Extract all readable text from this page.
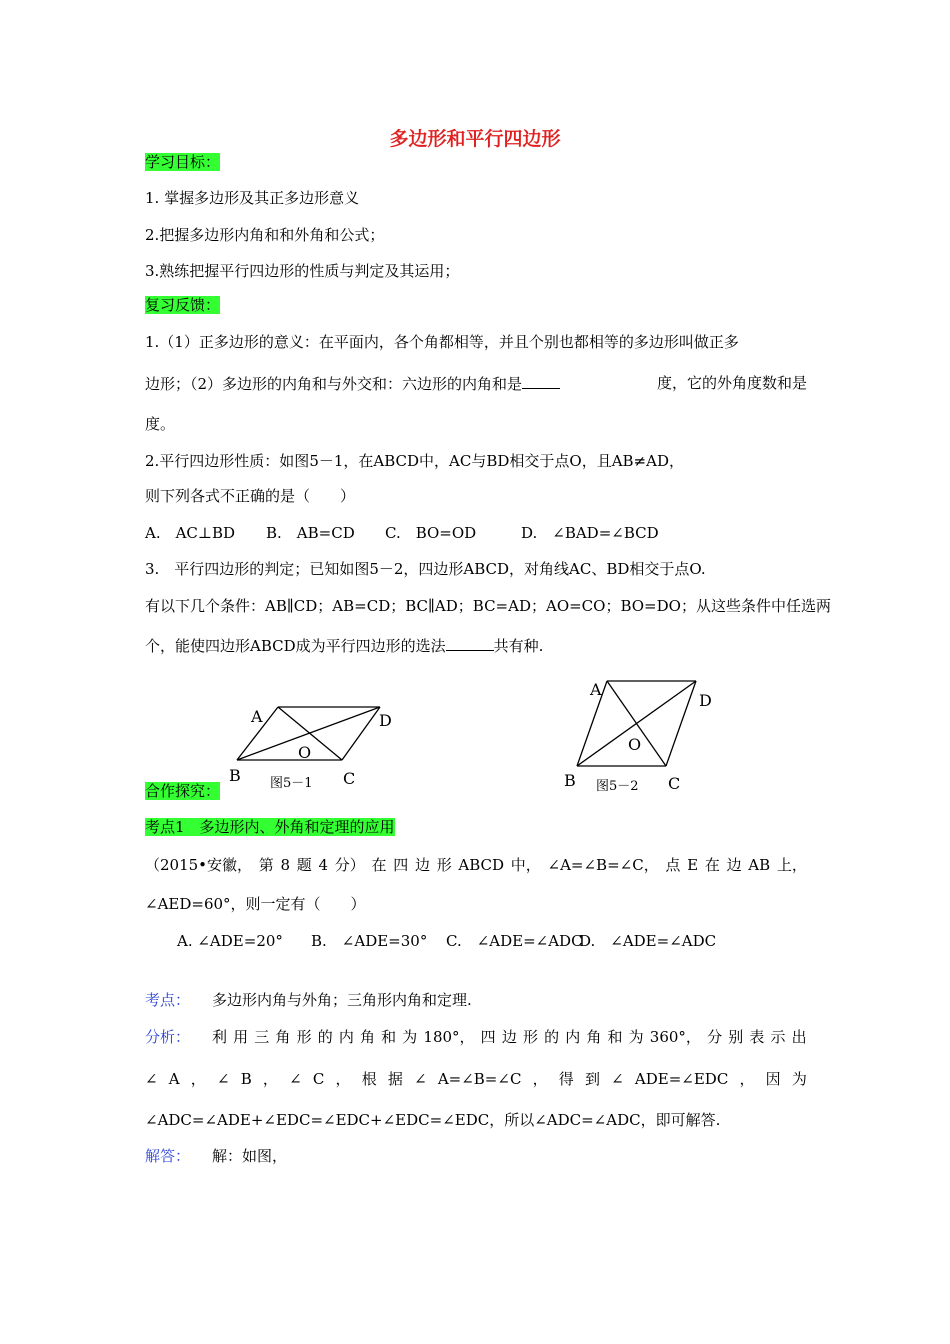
多边形和平行四边形
学习目标：
1. 掌握多边形及其正多边形意义
2.把握多边形内角和和外角和公式；
3.熟练把握平行四边形的性质与判定及其运用；
复习反馈：
1.（1）正多边形的意义：在平面内，各个角都相等，并且个别也都相等的多边形叫做正多
边形；（2）多边形的内角和与外交和：六边形的内角和是	度，它的外角度数和是
度。
2.平行四边形性质：如图5－1，在ABCD中，AC与BD相交于点O，且AB≠AD，
则下列各式不正确的是（　　）
A.　AC⊥BD B.　AB=CD C.　BO=OD	D.　∠BAD=∠BCD
3.　平行四边形的判定；已知如图5－2，四边形ABCD，对角线AC、BD相交于点O.
有以下几个条件：AB∥CD；AB=CD；BC∥AD；BC=AD；AO=CO；BO=DO；从这些条件中任选两
个，能使四边形ABCD成为平行四边形的选法	共有种.
A	D
O
B	C
图5－1
A
D
O
B	C
图5－2
合作探究：
考点1　多边形内、外角和定理的应用
（2015•安徽， 第 8 题 4 分） 在 四 边 形 ABCD 中， ∠A=∠B=∠C， 点 E 在 边 AB 上，
∠AED=60°，则一定有（　　）
A. ∠ADE=20° B.　∠ADE=30° C.　∠ADE=∠ADC
D.　∠ADE=∠ADC
考点： 多边形内角与外角；三角形内角和定理.
分析： 利 用 三 角 形 的 内 角 和 为 180°， 四 边 形 的 内 角 和 为 360°， 分 别 表 示 出
∠ A ， ∠ B ， ∠ C ， 根 据 ∠ A=∠B=∠C ， 得 到 ∠ ADE=∠EDC ， 因 为
∠ADC=∠ADE+∠EDC=∠EDC+∠EDC=∠EDC，所以∠ADC=∠ADC，即可解答.
解答： 解：如图，
